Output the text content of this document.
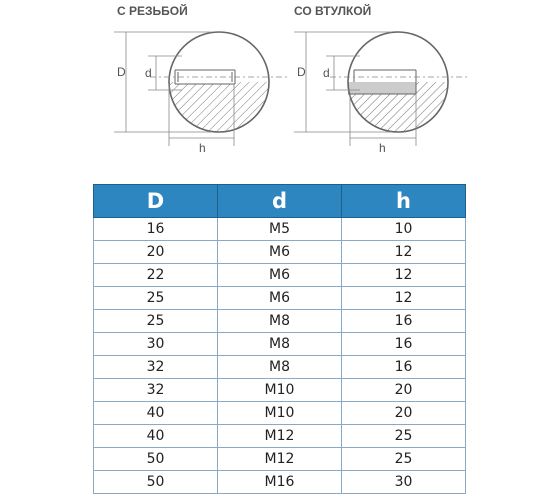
С РЕЗЬБОЙ
D d
h
СО ВТУЛКОЙ
D d
h
D	d	h
16	M5	10
20	M6	12
22	M6	12
25	M6	12
25	M8	16
30	M8	16
32	M8	16
32	M10	20
40	M10	20
40	M12	25
50	M12	25
50	M16	30
